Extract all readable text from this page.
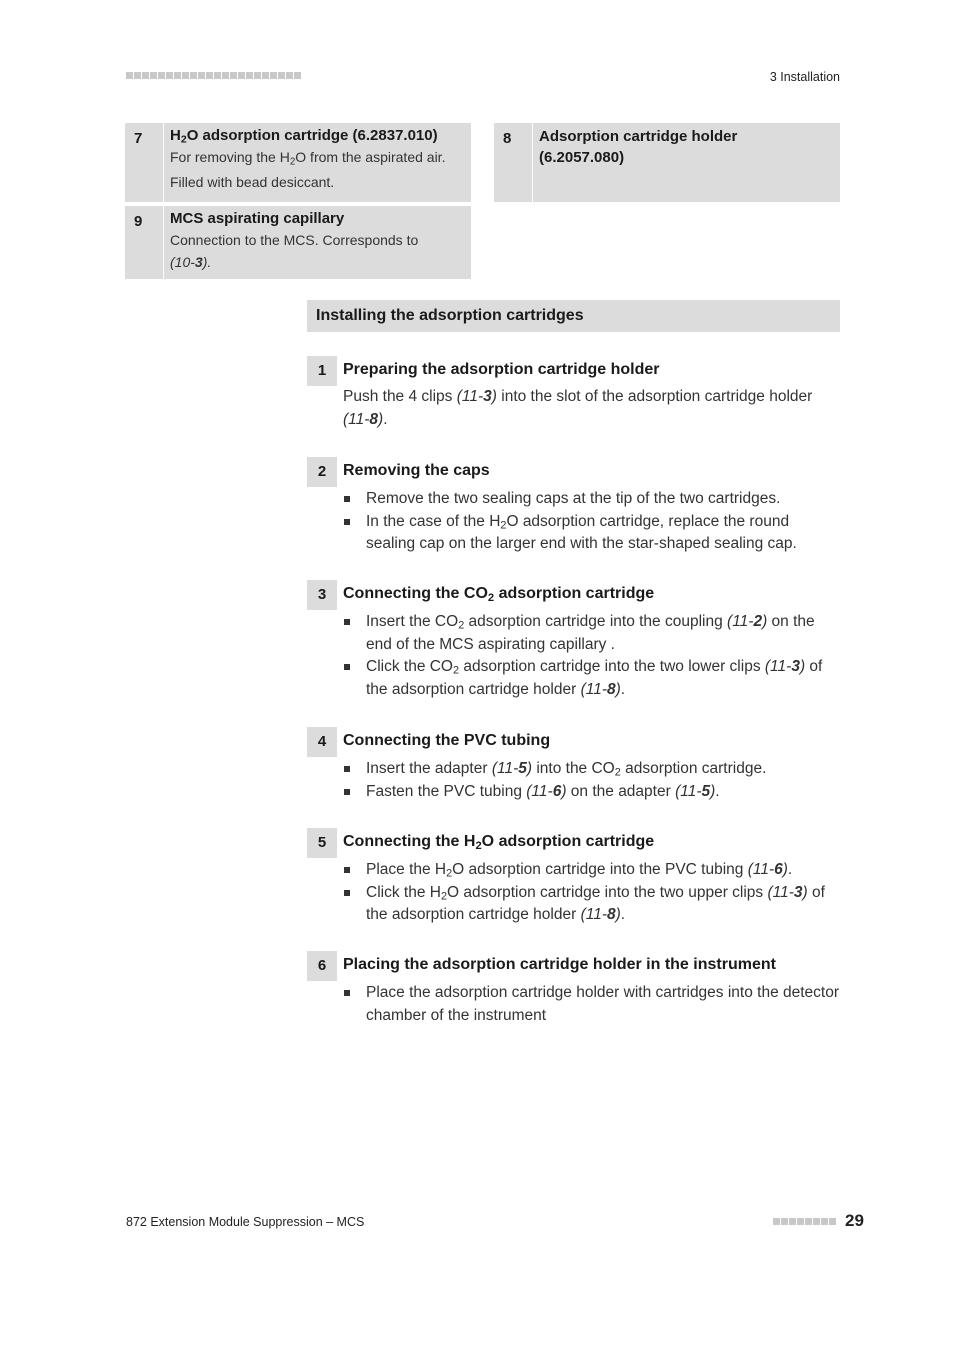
3 Installation
7 $H_2O$ adsorption cartridge (6.2837.010)
For removing the $H_2O$ from the aspirated air.
Filled with bead desiccant.
8 Adsorption cartridge holder (6.2057.080)
9 MCS aspirating capillary
Connection to the MCS. Corresponds to
(10-3).
Installing the adsorption cartridges
1	Preparing the adsorption cartridge holder
Push the 4 clips (11-3) into the slot of the adsorption cartridge holder (11-8).
2	Removing the caps
Remove the two sealing caps at the tip of the two cartridges.
In the case of the $H_2O$ adsorption cartridge, replace the round sealing cap on the larger end with the star-shaped sealing cap.
3	Connecting the $CO_2$ adsorption cartridge
Insert the $CO_2$ adsorption cartridge into the coupling (11-2) on the end of the MCS aspirating capillary .
Click the $CO_2$ adsorption cartridge into the two lower clips (11-3) of the adsorption cartridge holder (11-8).
4	Connecting the PVC tubing
Insert the adapter (11-5) into the $CO_2$ adsorption cartridge.
Fasten the PVC tubing (11-6) on the adapter (11-5).
5	Connecting the $H_2O$ adsorption cartridge
Place the $H_2O$ adsorption cartridge into the PVC tubing (11-6).
Click the $H_2O$ adsorption cartridge into the two upper clips (11-3) of the adsorption cartridge holder (11-8).
6	Placing the adsorption cartridge holder in the instrument
Place the adsorption cartridge holder with cartridges into the detector chamber of the instrument
872 Extension Module Suppression – MCS	29
